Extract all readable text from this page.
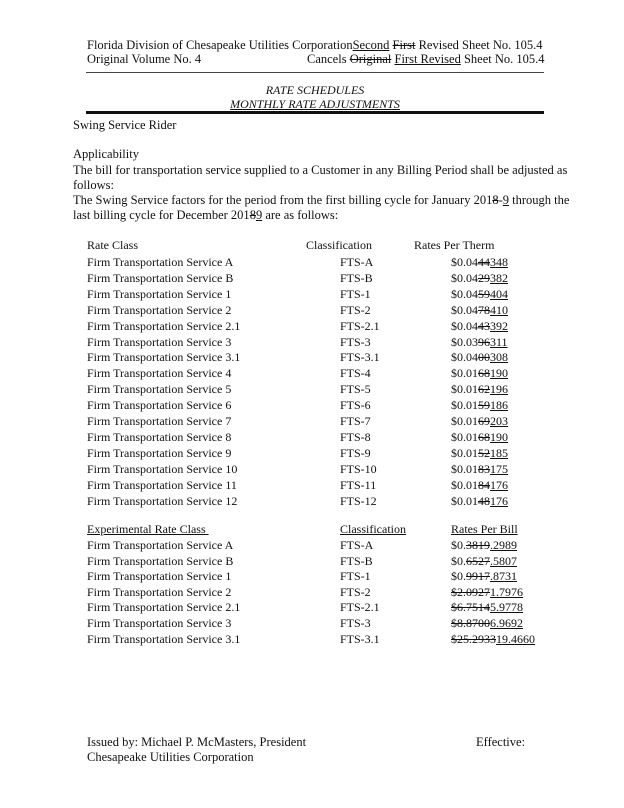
Florida Division of Chesapeake Utilities CorporationSecond First Revised Sheet No. 105.4
Original Volume No. 4	Cancels Original First Revised Sheet No. 105.4
RATE SCHEDULES
MONTHLY RATE ADJUSTMENTS
Swing Service Rider
Applicability
The bill for transportation service supplied to a Customer in any Billing Period shall be adjusted as
follows:
The Swing Service factors for the period from the first billing cycle for January 2018-9 through the
last billing cycle for December 20189 are as follows:
Rate Class	Classification	Rates Per Therm
Firm Transportation Service A	FTS-A	$0.0444348
Firm Transportation Service B	FTS-B	$0.0429382
Firm Transportation Service 1	FTS-1	$0.0459404
Firm Transportation Service 2	FTS-2	$0.0478410
Firm Transportation Service 2.1	FTS-2.1	$0.0443392
Firm Transportation Service 3	FTS-3	$0.0396311
Firm Transportation Service 3.1	FTS-3.1	$0.0400308
Firm Transportation Service 4	FTS-4	$0.0168190
Firm Transportation Service 5	FTS-5	$0.0162196
Firm Transportation Service 6	FTS-6	$0.0159186
Firm Transportation Service 7	FTS-7	$0.0169203
Firm Transportation Service 8	FTS-8	$0.0168190
Firm Transportation Service 9	FTS-9	$0.0152185
Firm Transportation Service 10	FTS-10	$0.0183175
Firm Transportation Service 11	FTS-11	$0.0184176
Firm Transportation Service 12	FTS-12	$0.0148176
Experimental Rate Class	Classification	Rates Per Bill
Firm Transportation Service A	FTS-A	$0.3819.2989
Firm Transportation Service B	FTS-B	$0.6527.5807
Firm Transportation Service 1	FTS-1	$0.9917.8731
Firm Transportation Service 2	FTS-2	$2.09271.7976
Firm Transportation Service 2.1	FTS-2.1	$6.75145.9778
Firm Transportation Service 3	FTS-3	$8.87006.9692
Firm Transportation Service 3.1	FTS-3.1	$25.293319.4660
Issued by: Michael P. McMasters, President
Chesapeake Utilities Corporation
Effective:
